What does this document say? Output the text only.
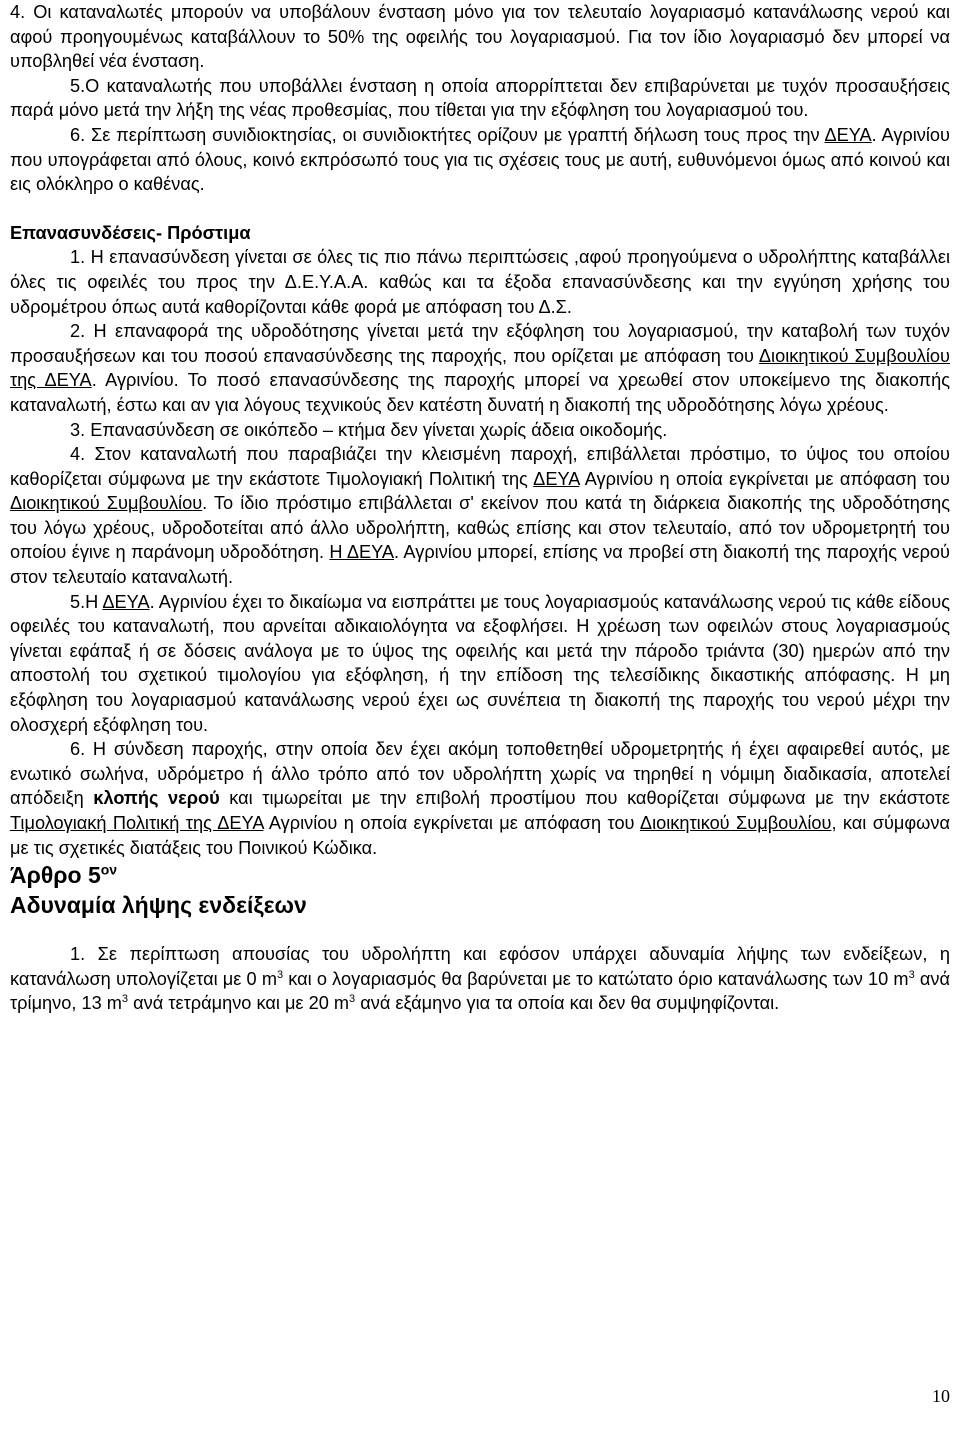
4. Οι καταναλωτές μπορούν να υποβάλουν ένσταση μόνο για τον τελευταίο λογαριασμό κατανάλωσης νερού και αφού προηγουμένως καταβάλλουν το 50% της οφειλής του λογαριασμού. Για τον ίδιο λογαριασμό δεν μπορεί να υποβληθεί νέα ένσταση.

5.Ο καταναλωτής που υποβάλλει ένσταση η οποία απορρίπτεται δεν επιβαρύνεται με τυχόν προσαυξήσεις παρά μόνο μετά την λήξη της νέας προθεσμίας, που τίθεται για την εξόφληση του λογαριασμού του.

6. Σε περίπτωση συνιδιοκτησίας, οι συνιδιοκτήτες ορίζουν με γραπτή δήλωση τους προς την ΔΕΥΑ. Αγρινίου που υπογράφεται από όλους, κοινό εκπρόσωπό τους για τις σχέσεις τους με αυτή, ευθυνόμενοι όμως από κοινού και εις ολόκληρο ο καθένας.

Επανασυνδέσεις- Πρόστιμα

1. Η επανασύνδεση γίνεται σε όλες τις πιο πάνω περιπτώσεις ,αφού προηγούμενα ο υδρολήπτης καταβάλλει όλες τις οφειλές του προς την Δ.Ε.Υ.Α.Α. καθώς και τα έξοδα επανασύνδεσης και την εγγύηση χρήσης του υδρομέτρου όπως αυτά καθορίζονται κάθε φορά με απόφαση του Δ.Σ.

2. Η επαναφορά της υδροδότησης γίνεται μετά την εξόφληση του λογαριασμού, την καταβολή των τυχόν προσαυξήσεων και του ποσού επανασύνδεσης της παροχής, που ορίζεται με απόφαση του Διοικητικού Συμβουλίου της ΔΕΥΑ. Αγρινίου. Το ποσό επανασύνδεσης της παροχής μπορεί να χρεωθεί στον υποκείμενο της διακοπής καταναλωτή, έστω και αν για λόγους τεχνικούς δεν κατέστη δυνατή η διακοπή της υδροδότησης λόγω χρέους.

3. Επανασύνδεση σε οικόπεδο – κτήμα δεν γίνεται χωρίς άδεια οικοδομής.

4. Στον καταναλωτή που παραβιάζει την κλεισμένη παροχή, επιβάλλεται πρόστιμο, το ύψος του οποίου καθορίζεται σύμφωνα με την εκάστοτε Τιμολογιακή Πολιτική της ΔΕΥΑ Αγρινίου η οποία εγκρίνεται με απόφαση του Διοικητικού Συμβουλίου. Το ίδιο πρόστιμο επιβάλλεται σ' εκείνον που κατά τη διάρκεια διακοπής της υδροδότησης του λόγω χρέους, υδροδοτείται από άλλο υδρολήπτη, καθώς επίσης και στον τελευταίο, από τον υδρομετρητή του οποίου έγινε η παράνομη υδροδότηση. Η ΔΕΥΑ. Αγρινίου μπορεί, επίσης να προβεί στη διακοπή της παροχής νερού στον τελευταίο καταναλωτή.

5.Η ΔΕΥΑ. Αγρινίου έχει το δικαίωμα να εισπράττει με τους λογαριασμούς κατανάλωσης νερού τις κάθε είδους οφειλές του καταναλωτή, που αρνείται αδικαιολόγητα να εξοφλήσει. Η χρέωση των οφειλών στους λογαριασμούς γίνεται εφάπαξ ή σε δόσεις ανάλογα με το ύψος της οφειλής και μετά την πάροδο τριάντα (30) ημερών από την αποστολή του σχετικού τιμολογίου για εξόφληση, ή την επίδοση της τελεσίδικης δικαστικής απόφασης. Η μη εξόφληση του λογαριασμού κατανάλωσης νερού έχει ως συνέπεια τη διακοπή της παροχής του νερού μέχρι την ολοσχερή εξόφληση του.

6. Η σύνδεση παροχής, στην οποία δεν έχει ακόμη τοποθετηθεί υδρομετρητής ή έχει αφαιρεθεί αυτός, με ενωτικό σωλήνα, υδρόμετρο ή άλλο τρόπο από τον υδρολήπτη χωρίς να τηρηθεί η νόμιμη διαδικασία, αποτελεί απόδειξη κλοπής νερού και τιμωρείται με την επιβολή προστίμου που καθορίζεται σύμφωνα με την εκάστοτε Τιμολογιακή Πολιτική της ΔΕΥΑ Αγρινίου η οποία εγκρίνεται με απόφαση του Διοικητικού Συμβουλίου, και σύμφωνα με τις σχετικές διατάξεις του Ποινικού Κώδικα.

Άρθρο $5^{o\nu}$
Αδυναμία λήψης ενδείξεων

1. Σε περίπτωση απουσίας του υδρολήπτη και εφόσον υπάρχει αδυναμία λήψης των ενδείξεων, η κατανάλωση υπολογίζεται με 0 $m^3$ και ο λογαριασμός θα βαρύνεται με το κατώτατο όριο κατανάλωσης των 10 $m^3$ ανά τρίμηνο, 13 $m^3$ ανά τετράμηνο και με 20 $m^3$ ανά εξάμηνο για τα οποία και δεν θα συμψηφίζονται.

10
